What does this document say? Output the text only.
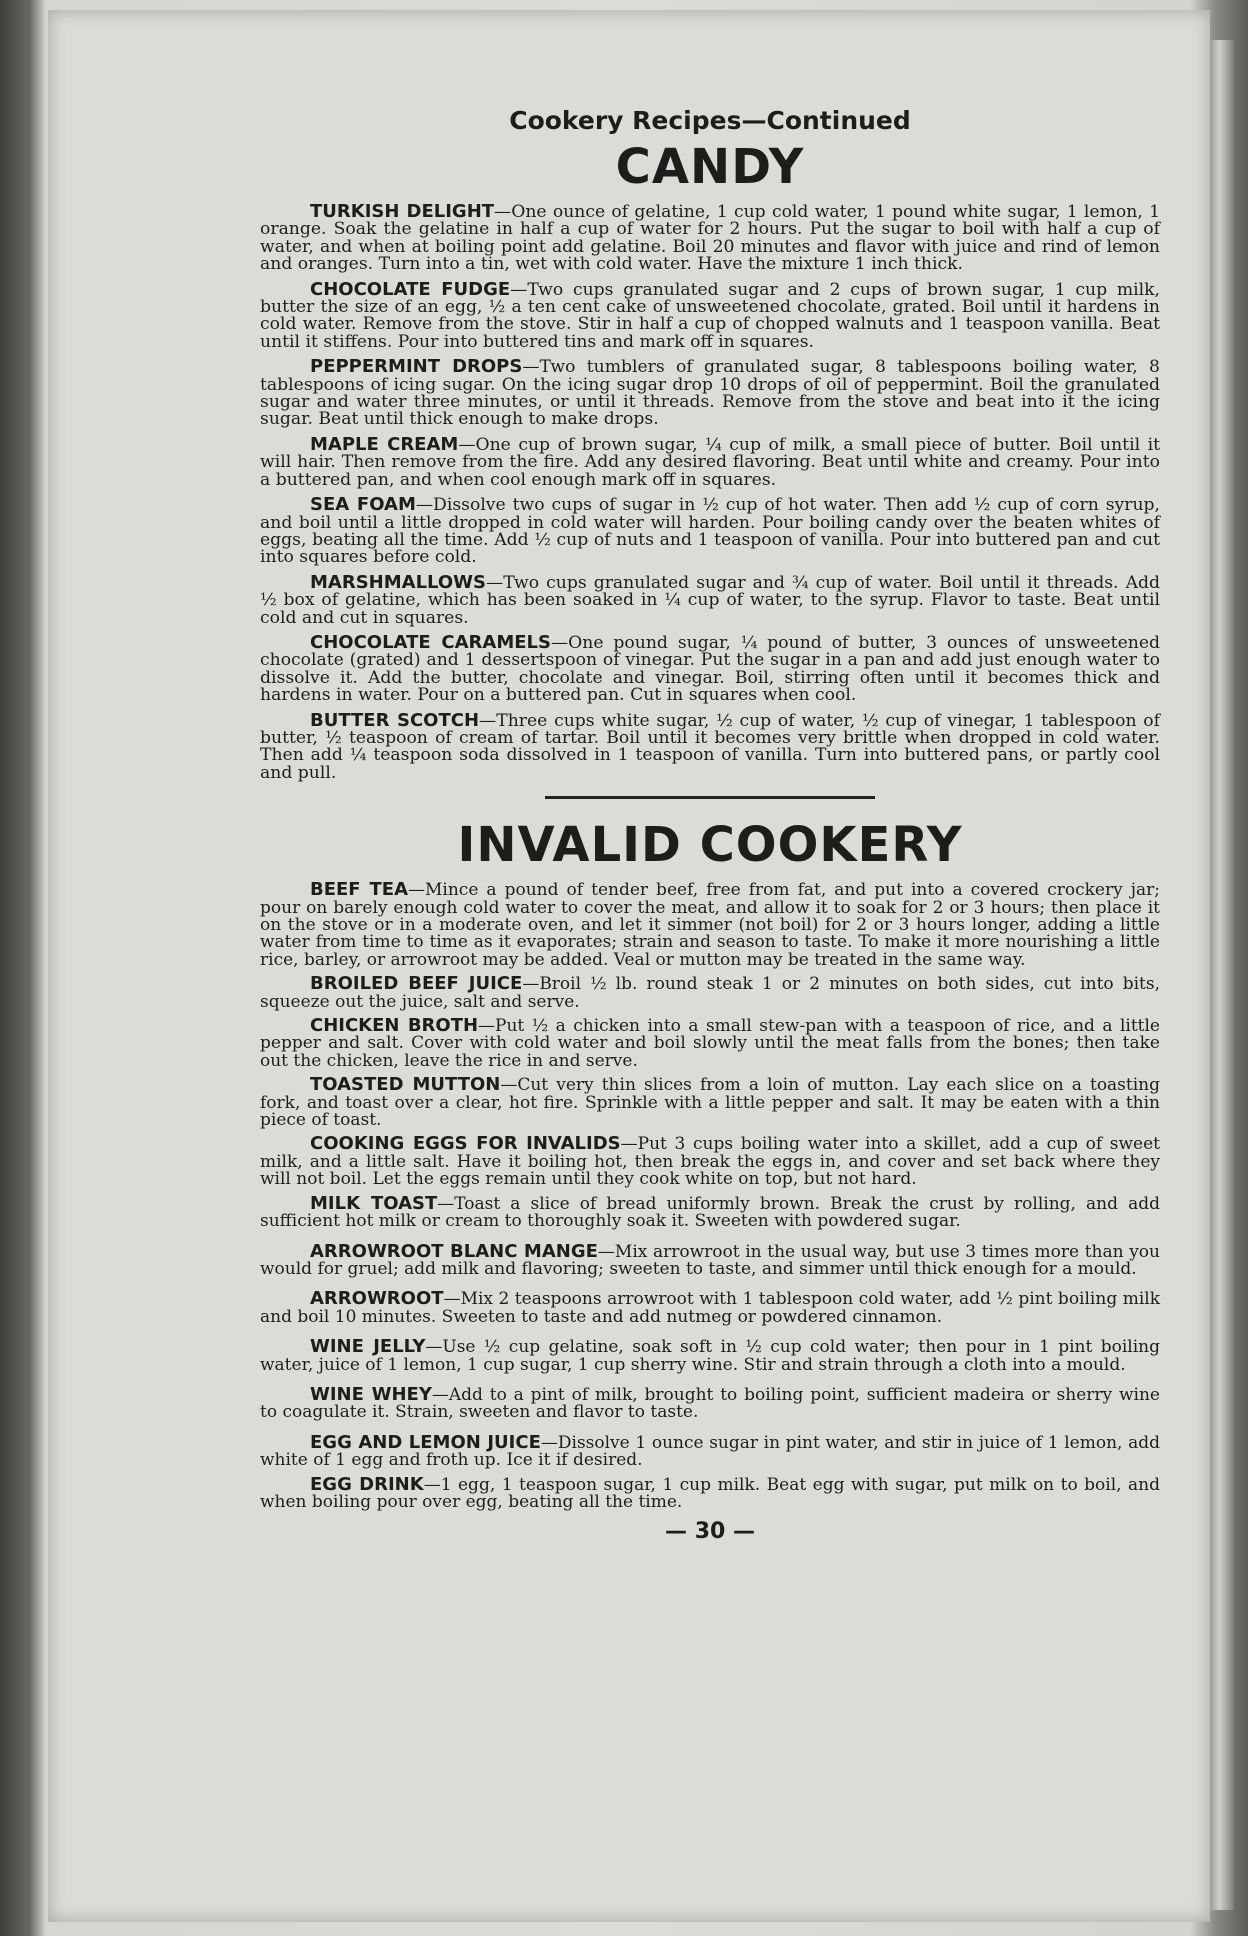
Cookery Recipes—Continued
CANDY

TURKISH DELIGHT—One ounce of gelatine, 1 cup cold water, 1 pound white sugar, 1 lemon, 1 orange. Soak the gelatine in half a cup of water for 2 hours. Put the sugar to boil with half a cup of water, and when at boiling point add gelatine. Boil 20 minutes and flavor with juice and rind of lemon and oranges. Turn into a tin, wet with cold water. Have the mixture 1 inch thick.

CHOCOLATE FUDGE—Two cups granulated sugar and 2 cups of brown sugar, 1 cup milk, butter the size of an egg, ½ a ten cent cake of unsweetened chocolate, grated. Boil until it hardens in cold water. Remove from the stove. Stir in half a cup of chopped walnuts and 1 teaspoon vanilla. Beat until it stiffens. Pour into buttered tins and mark off in squares.

PEPPERMINT DROPS—Two tumblers of granulated sugar, 8 tablespoons boiling water, 8 tablespoons of icing sugar. On the icing sugar drop 10 drops of oil of peppermint. Boil the granulated sugar and water three minutes, or until it threads. Remove from the stove and beat into it the icing sugar. Beat until thick enough to make drops.

MAPLE CREAM—One cup of brown sugar, ¼ cup of milk, a small piece of butter. Boil until it will hair. Then remove from the fire. Add any desired flavoring. Beat until white and creamy. Pour into a buttered pan, and when cool enough mark off in squares.

SEA FOAM—Dissolve two cups of sugar in ½ cup of hot water. Then add ½ cup of corn syrup, and boil until a little dropped in cold water will harden. Pour boiling candy over the beaten whites of eggs, beating all the time. Add ½ cup of nuts and 1 teaspoon of vanilla. Pour into buttered pan and cut into squares before cold.

MARSHMALLOWS—Two cups granulated sugar and ¾ cup of water. Boil until it threads. Add ½ box of gelatine, which has been soaked in ¼ cup of water, to the syrup. Flavor to taste. Beat until cold and cut in squares.

CHOCOLATE CARAMELS—One pound sugar, ¼ pound of butter, 3 ounces of unsweetened chocolate (grated) and 1 dessertspoon of vinegar. Put the sugar in a pan and add just enough water to dissolve it. Add the butter, chocolate and vinegar. Boil, stirring often until it becomes thick and hardens in water. Pour on a buttered pan. Cut in squares when cool.

BUTTER SCOTCH—Three cups white sugar, ½ cup of water, ½ cup of vinegar, 1 tablespoon of butter, ½ teaspoon of cream of tartar. Boil until it becomes very brittle when dropped in cold water. Then add ¼ teaspoon soda dissolved in 1 teaspoon of vanilla. Turn into buttered pans, or partly cool and pull.

INVALID COOKERY

BEEF TEA—Mince a pound of tender beef, free from fat, and put into a covered crockery jar; pour on barely enough cold water to cover the meat, and allow it to soak for 2 or 3 hours; then place it on the stove or in a moderate oven, and let it simmer (not boil) for 2 or 3 hours longer, adding a little water from time to time as it evaporates; strain and season to taste. To make it more nourishing a little rice, barley, or arrowroot may be added. Veal or mutton may be treated in the same way.

BROILED BEEF JUICE—Broil ½ lb. round steak 1 or 2 minutes on both sides, cut into bits, squeeze out the juice, salt and serve.

CHICKEN BROTH—Put ½ a chicken into a small stew-pan with a teaspoon of rice, and a little pepper and salt. Cover with cold water and boil slowly until the meat falls from the bones; then take out the chicken, leave the rice in and serve.

TOASTED MUTTON—Cut very thin slices from a loin of mutton. Lay each slice on a toasting fork, and toast over a clear, hot fire. Sprinkle with a little pepper and salt. It may be eaten with a thin piece of toast.

COOKING EGGS FOR INVALIDS—Put 3 cups boiling water into a skillet, add a cup of sweet milk, and a little salt. Have it boiling hot, then break the eggs in, and cover and set back where they will not boil. Let the eggs remain until they cook white on top, but not hard.

MILK TOAST—Toast a slice of bread uniformly brown. Break the crust by rolling, and add sufficient hot milk or cream to thoroughly soak it. Sweeten with powdered sugar.

ARROWROOT BLANC MANGE—Mix arrowroot in the usual way, but use 3 times more than you would for gruel; add milk and flavoring; sweeten to taste, and simmer until thick enough for a mould.

ARROWROOT—Mix 2 teaspoons arrowroot with 1 tablespoon cold water, add ½ pint boiling milk and boil 10 minutes. Sweeten to taste and add nutmeg or powdered cinnamon.

WINE JELLY—Use ½ cup gelatine, soak soft in ½ cup cold water; then pour in 1 pint boiling water, juice of 1 lemon, 1 cup sugar, 1 cup sherry wine. Stir and strain through a cloth into a mould.

WINE WHEY—Add to a pint of milk, brought to boiling point, sufficient madeira or sherry wine to coagulate it. Strain, sweeten and flavor to taste.

EGG AND LEMON JUICE—Dissolve 1 ounce sugar in pint water, and stir in juice of 1 lemon, add white of 1 egg and froth up. Ice it if desired.

EGG DRINK—1 egg, 1 teaspoon sugar, 1 cup milk. Beat egg with sugar, put milk on to boil, and when boiling pour over egg, beating all the time.

— 30 —
